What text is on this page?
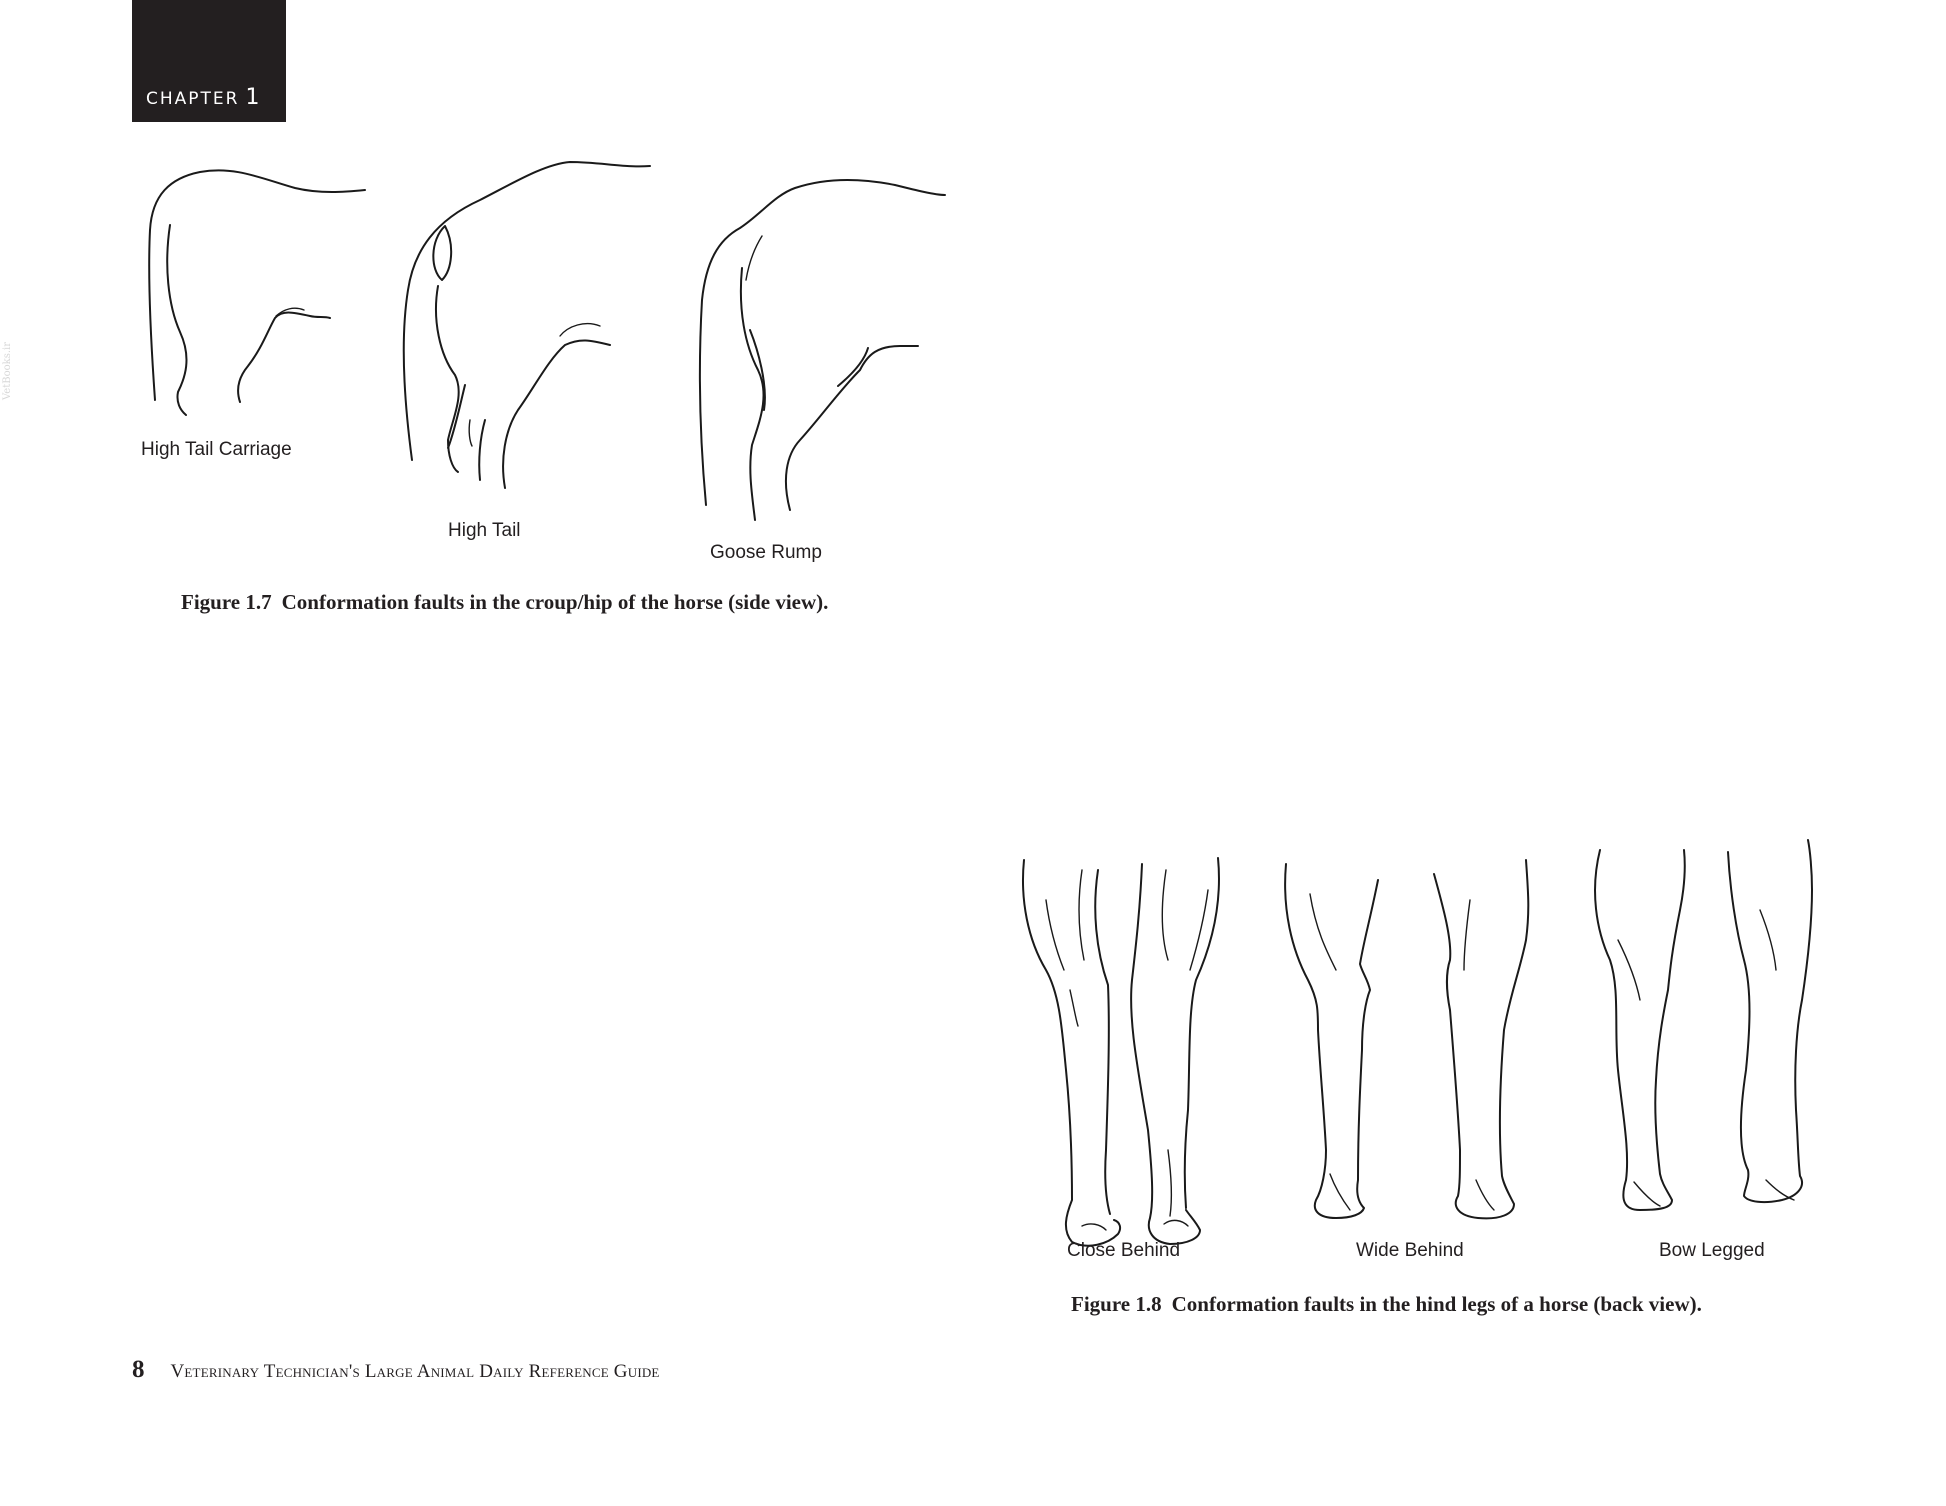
CHAPTER 1
VetBooks.ir
High Tail Carriage
High Tail
Goose Rump
Figure 1.7 Conformation faults in the croup/hip of the horse (side view).
Close Behind	Wide Behind	Bow Legged
Figure 1.8 Conformation faults in the hind legs of a horse (back view).
8 Veterinary Technician's Large Animal Daily Reference Guide
